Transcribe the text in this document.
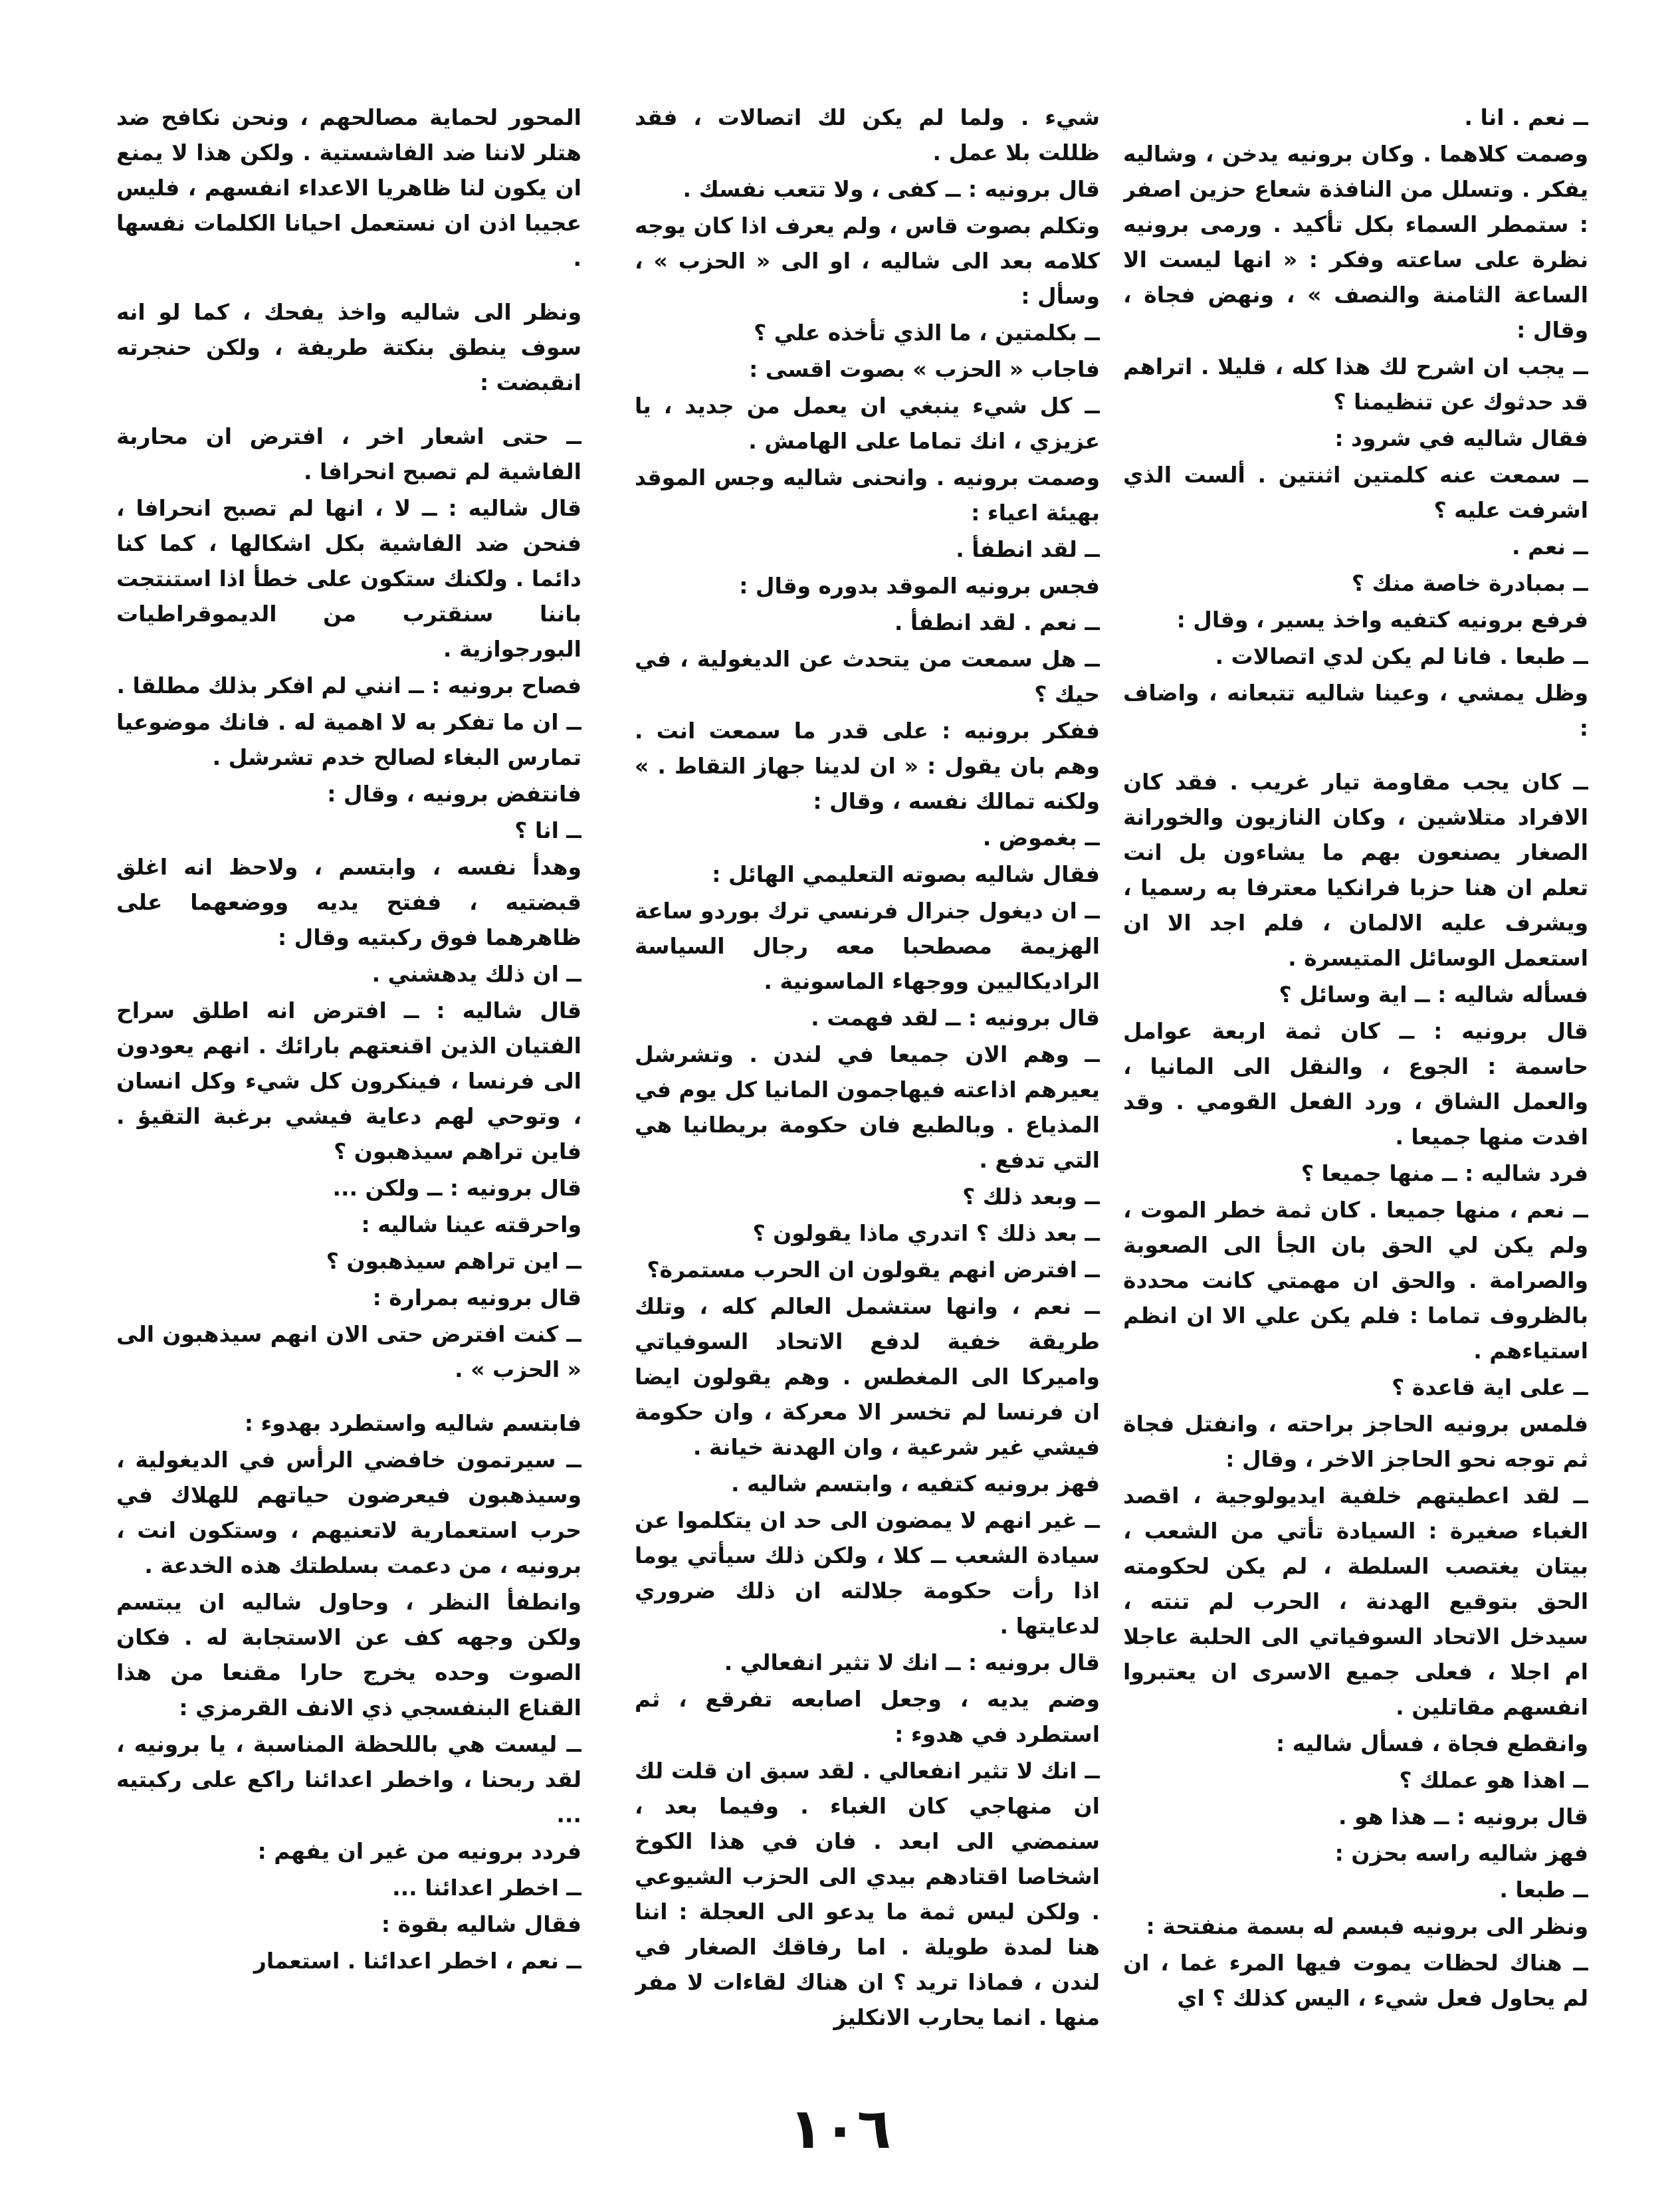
ــ نعم . انا .

وصمت كلاهما . وكان برونيه يدخن ، وشاليه يفكر . وتسلل من النافذة شعاع حزين اصفر : ستمطر السماء بكل تأكيد . ورمى برونيه نظرة على ساعته وفكر : « انها ليست الا الساعة الثامنة والنصف » ، ونهض فجاة ، وقال :

ــ يجب ان اشرح لك هذا كله ، قليلا . اتراهم قد حدثوك عن تنظيمنا ؟

فقال شاليه في شرود :

ــ سمعت عنه كلمتين اثنتين . ألست الذي اشرفت عليه ؟

ــ نعم .

ــ بمبادرة خاصة منك ؟

فرفع برونيه كتفيه واخذ يسير ، وقال :

ــ طبعا . فانا لم يكن لدي اتصالات .

وظل يمشي ، وعينا شاليه تتبعانه ، واضاف :

ــ كان يجب مقاومة تيار غريب . فقد كان الافراد متلاشين ، وكان النازيون والخورانة الصغار يصنعون بهم ما يشاءون بل انت تعلم ان هنا حزبا فرانكيا معترفا به رسميا ، ويشرف عليه الالمان ، فلم اجد الا ان استعمل الوسائل المتيسرة .

فسأله شاليه : ــ اية وسائل ؟

قال برونيه : ــ كان ثمة اربعة عوامل حاسمة : الجوع ، والنقل الى المانيا ، والعمل الشاق ، ورد الفعل القومي . وقد افدت منها جميعا .

فرد شاليه : ــ منها جميعا ؟

ــ نعم ، منها جميعا . كان ثمة خطر الموت ، ولم يكن لي الحق بان الجأ الى الصعوبة والصرامة . والحق ان مهمتي كانت محددة بالظروف تماما : فلم يكن علي الا ان انظم استياءهم .

ــ على اية قاعدة ؟

فلمس برونيه الحاجز براحته ، وانفتل فجاة ثم توجه نحو الحاجز الاخر ، وقال :

ــ لقد اعطيتهم خلفية ايديولوجية ، اقصد الغباء صغيرة : السيادة تأتي من الشعب ، بيتان يغتصب السلطة ، لم يكن لحكومته الحق بتوقيع الهدنة ، الحرب لم تنته ، سيدخل الاتحاد السوفياتي الى الحلبة عاجلا ام اجلا ، فعلى جميع الاسرى ان يعتبروا انفسهم مقاتلين .

وانقطع فجاة ، فسأل شاليه :

ــ اهذا هو عملك ؟

قال برونيه : ــ هذا هو .

فهز شاليه راسه بحزن :

ــ طبعا .

ونظر الى برونيه فبسم له بسمة منفتحة :

ــ هناك لحظات يموت فيها المرء غما ، ان لم يحاول فعل شيء ، اليس كذلك ؟ اي

شيء . ولما لم يكن لك اتصالات ، فقد ظللت بلا عمل .

قال برونيه : ــ كفى ، ولا تتعب نفسك .

وتكلم بصوت قاس ، ولم يعرف اذا كان يوجه كلامه بعد الى شاليه ، او الى « الحزب » ، وسأل :

ــ بكلمتين ، ما الذي تأخذه علي ؟

فاجاب « الحزب » بصوت اقسى :

ــ كل شيء ينبغي ان يعمل من جديد ، يا عزيزي ، انك تماما على الهامش .

وصمت برونيه . وانحنى شاليه وجس الموقد بهيئة اعياء :

ــ لقد انطفأ .

فجس برونيه الموقد بدوره وقال :

ــ نعم . لقد انطفأ .

ــ هل سمعت من يتحدث عن الديغولية ، في حيك ؟

ففكر برونيه : على قدر ما سمعت انت . وهم بان يقول : « ان لدينا جهاز التقاط . » ولكنه تمالك نفسه ، وقال :

ــ بغموض .

فقال شاليه بصوته التعليمي الهائل :

ــ ان ديغول جنرال فرنسي ترك بوردو ساعة الهزيمة مصطحبا معه رجال السياسة الراديكاليين ووجهاء الماسونية .

قال برونيه : ــ لقد فهمت .

ــ وهم الان جميعا في لندن . وتشرشل يعيرهم اذاعته فيهاجمون المانيا كل يوم في المذياع . وبالطبع فان حكومة بريطانيا هي التي تدفع .

ــ وبعد ذلك ؟

ــ بعد ذلك ؟ اتدري ماذا يقولون ؟

ــ افترض انهم يقولون ان الحرب مستمرة؟

ــ نعم ، وانها ستشمل العالم كله ، وتلك طريقة خفية لدفع الاتحاد السوفياتي واميركا الى المغطس . وهم يقولون ايضا ان فرنسا لم تخسر الا معركة ، وان حكومة فيشي غير شرعية ، وان الهدنة خيانة .

فهز برونيه كتفيه ، وابتسم شاليه .

ــ غير انهم لا يمضون الى حد ان يتكلموا عن سيادة الشعب ــ كلا ، ولكن ذلك سيأتي يوما اذا رأت حكومة جلالته ان ذلك ضروري لدعايتها .

قال برونيه : ــ انك لا تثير انفعالي .

وضم يديه ، وجعل اصابعه تفرقع ، ثم استطرد في هدوء :

ــ انك لا تثير انفعالي . لقد سبق ان قلت لك ان منهاجي كان الغباء . وفيما بعد ، سنمضي الى ابعد . فان في هذا الكوخ اشخاصا اقتادهم بيدي الى الحزب الشيوعي . ولكن ليس ثمة ما يدعو الى العجلة : اننا هنا لمدة طويلة . اما رفاقك الصغار في لندن ، فماذا تريد ؟ ان هناك لقاءات لا مفر منها . انما يحارب الانكليز

المحور لحماية مصالحهم ، ونحن نكافح ضد هتلر لاننا ضد الفاشستية . ولكن هذا لا يمنع ان يكون لنا ظاهريا الاعداء انفسهم ، فليس عجيبا اذن ان نستعمل احيانا الكلمات نفسها .

ونظر الى شاليه واخذ يفحك ، كما لو انه سوف ينطق بنكتة طريفة ، ولكن حنجرته انقبضت :

ــ حتى اشعار اخر ، افترض ان محاربة الفاشية لم تصبح انحرافا .

قال شاليه : ــ لا ، انها لم تصبح انحرافا ، فنحن ضد الفاشية بكل اشكالها ، كما كنا دائما . ولكنك ستكون على خطأ اذا استنتجت باننا سنقترب من الديموقراطيات البورجوازية .

فصاح برونيه : ــ انني لم افكر بذلك مطلقا .

ــ ان ما تفكر به لا اهمية له . فانك موضوعيا تمارس البغاء لصالح خدم تشرشل .

فانتفض برونيه ، وقال :

ــ انا ؟

وهدأ نفسه ، وابتسم ، ولاحظ انه اغلق قبضتيه ، ففتح يديه ووضعهما على ظاهرهما فوق ركبتيه وقال :

ــ ان ذلك يدهشني .

قال شاليه : ــ افترض انه اطلق سراح الفتيان الذين اقنعتهم بارائك . انهم يعودون الى فرنسا ، فينكرون كل شيء وكل انسان ، وتوحي لهم دعاية فيشي برغبة التقيؤ . فاين تراهم سيذهبون ؟

قال برونيه : ــ ولكن ...

واحرقته عينا شاليه :

ــ اين تراهم سيذهبون ؟

قال برونيه بمرارة :

ــ كنت افترض حتى الان انهم سيذهبون الى « الحزب » .

فابتسم شاليه واستطرد بهدوء :

ــ سيرتمون خافضي الرأس في الديغولية ، وسيذهبون فيعرضون حياتهم للهلاك في حرب استعمارية لاتعنيهم ، وستكون انت ، برونيه ، من دعمت بسلطتك هذه الخدعة .

وانطفأ النظر ، وحاول شاليه ان يبتسم ولكن وجهه كف عن الاستجابة له . فكان الصوت وحده يخرج حارا مقنعا من هذا القناع البنفسجي ذي الانف القرمزي :

ــ ليست هي باللحظة المناسبة ، يا برونيه ، لقد ربحنا ، واخطر اعدائنا راكع على ركبتيه ...

فردد برونيه من غير ان يفهم :

ــ اخطر اعدائنا ...

فقال شاليه بقوة :

ــ نعم ، اخطر اعدائنا . استعمار

١٠٦
